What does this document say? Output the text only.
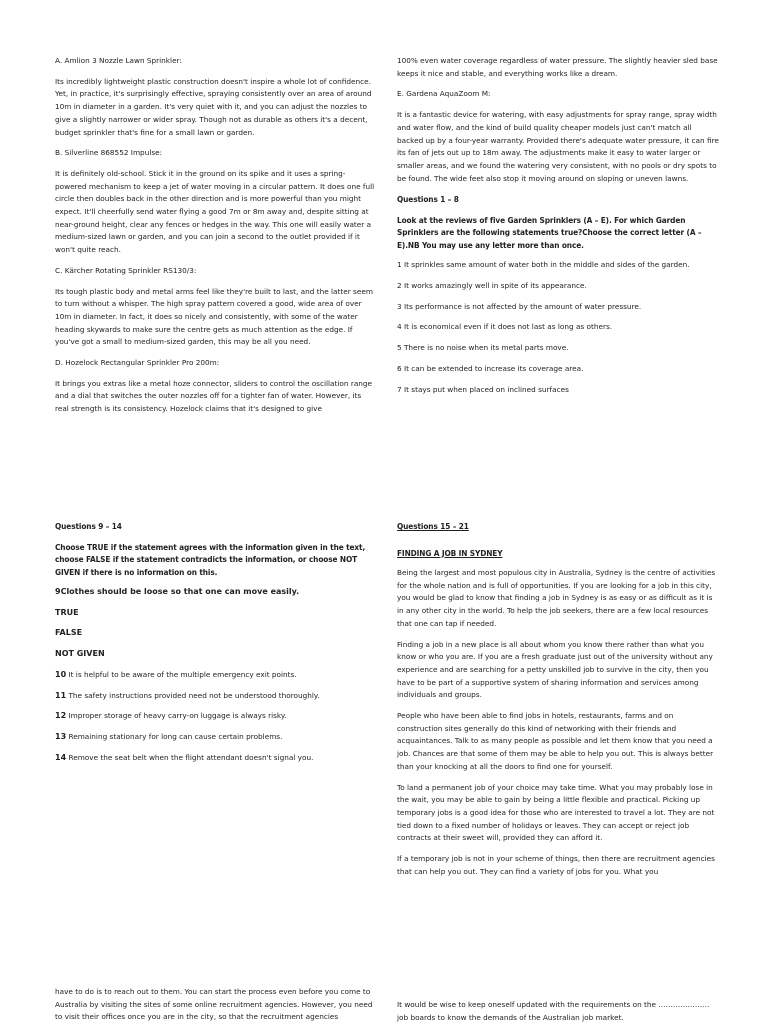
A. Amlion 3 Nozzle Lawn Sprinkler:

Its incredibly lightweight plastic construction doesn't inspire a whole lot of confidence. Yet, in practice, it's surprisingly effective, spraying consistently over an area of around 10m in diameter in a garden. It's very quiet with it, and you can adjust the nozzles to give a slightly narrower or wider spray. Though not as durable as others it's a decent, budget sprinkler that's fine for a small lawn or garden.

B. Silverline 868552 Impulse:

It is definitely old-school. Stick it in the ground on its spike and it uses a spring-powered mechanism to keep a jet of water moving in a circular pattern. It does one full circle then doubles back in the other direction and is more powerful than you might expect. It'll cheerfully send water flying a good 7m or 8m away and, despite sitting at near-ground height, clear any fences or hedges in the way. This one will easily water a medium-sized lawn or garden, and you can join a second to the outlet provided if it won't quite reach.

C. Kärcher Rotating Sprinkler RS130/3:

Its tough plastic body and metal arms feel like they're built to last, and the latter seem to turn without a whisper. The high spray pattern covered a good, wide area of over 10m in diameter. In fact, it does so nicely and consistently, with some of the water heading skywards to make sure the centre gets as much attention as the edge. If you've got a small to medium-sized garden, this may be all you need.

D. Hozelock Rectangular Sprinkler Pro 200m:

It brings you extras like a metal hoze connector, sliders to control the oscillation range and a dial that switches the outer nozzles off for a tighter fan of water. However, its real strength is its consistency. Hozelock claims that it's designed to give

100% even water coverage regardless of water pressure. The slightly heavier sled base keeps it nice and stable, and everything works like a dream.

E. Gardena AquaZoom M:

It is a fantastic device for watering, with easy adjustments for spray range, spray width and water flow, and the kind of build quality cheaper models just can't match all backed up by a four-year warranty. Provided there's adequate water pressure, it can fire its fan of jets out up to 18m away. The adjustments make it easy to water larger or smaller areas, and we found the watering very consistent, with no pools or dry spots to be found. The wide feet also stop it moving around on sloping or uneven lawns.

Questions 1 – 8

Look at the reviews of five Garden Sprinklers (A – E). For which Garden Sprinklers are the following statements true?Choose the correct letter (A – E).NB You may use any letter more than once.

1 It sprinkles same amount of water both in the middle and sides of the garden.

2 It works amazingly well in spite of its appearance.

3 Its performance is not affected by the amount of water pressure.

4 It is economical even if it does not last as long as others.

5 There is no noise when its metal parts move.

6 It can be extended to increase its coverage area.

7 It stays put when placed on inclined surfaces

Questions 9 – 14

Choose TRUE if the statement agrees with the information given in the text, choose FALSE if the statement contradicts the information, or choose NOT GIVEN if there is no information on this.

9Clothes should be loose so that one can move easily.

TRUE

FALSE

NOT GIVEN

10 It is helpful to be aware of the multiple emergency exit points.

11 The safety instructions provided need not be understood thoroughly.

12 Improper storage of heavy carry-on luggage is always risky.

13 Remaining stationary for long can cause certain problems.

14 Remove the seat belt when the flight attendant doesn't signal you.

Questions 15 – 21

FINDING A JOB IN SYDNEY

Being the largest and most populous city in Australia, Sydney is the centre of activities for the whole nation and is full of opportunities. If you are looking for a job in this city, you would be glad to know that finding a job in Sydney is as easy or as difficult as it is in any other city in the world. To help the job seekers, there are a few local resources that one can tap if needed.

Finding a job in a new place is all about whom you know there rather than what you know or who you are. If you are a fresh graduate just out of the university without any experience and are searching for a petty unskilled job to survive in the city, then you have to be part of a supportive system of sharing information and services among individuals and groups.

People who have been able to find jobs in hotels, restaurants, farms and on construction sites generally do this kind of networking with their friends and acquaintances. Talk to as many people as possible and let them know that you need a job. Chances are that some of them may be able to help you out. This is always better than your knocking at all the doors to find one for yourself.

To land a permanent job of your choice may take time. What you may probably lose in the wait, you may be able to gain by being a little flexible and practical. Picking up temporary jobs is a good idea for those who are interested to travel a lot. They are not tied down to a fixed number of holidays or leaves. They can accept or reject job contracts at their sweet will, provided they can afford it.

If a temporary job is not in your scheme of things, then there are recruitment agencies that can help you out. They can find a variety of jobs for you. What you

have to do is to reach out to them. You can start the process even before you come to Australia by visiting the sites of some online recruitment agencies. However, you need to visit their offices once you are in the city, so that the recruitment agencies

It would be wise to keep oneself updated with the requirements on the ………………… job boards to know the demands of the Australian job market.
